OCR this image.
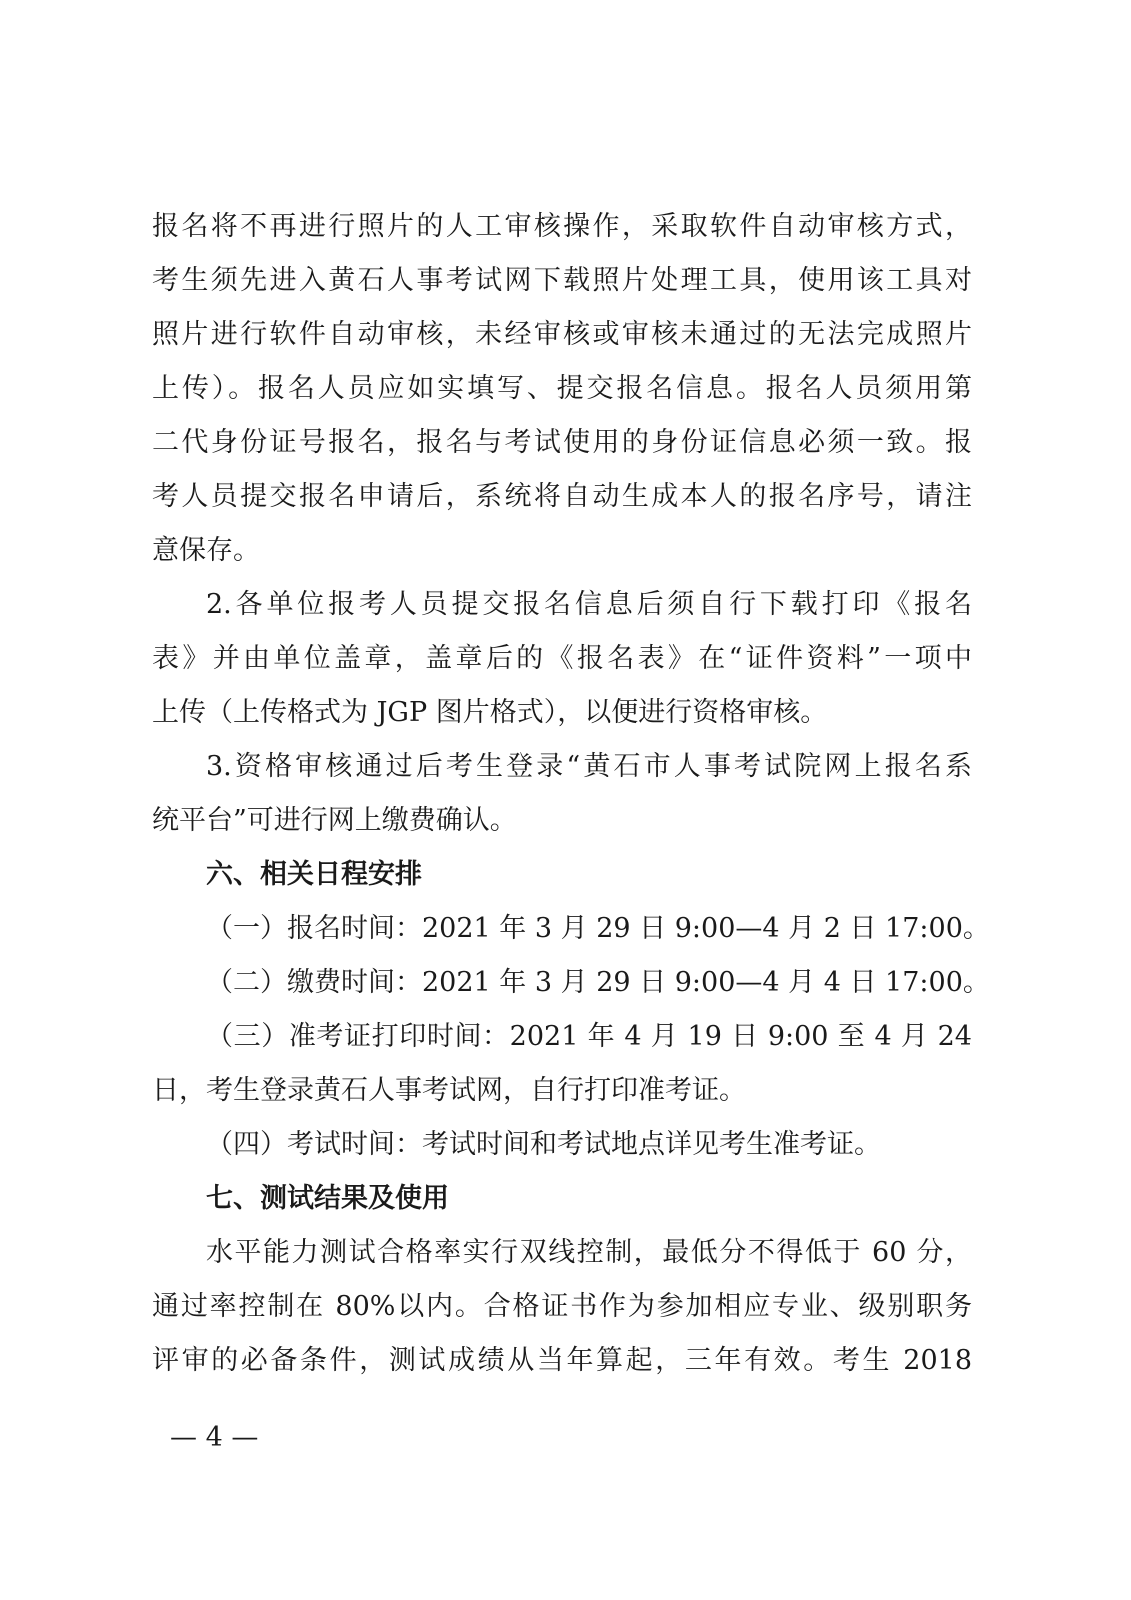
报名将不再进行照片的人工审核操作，采取软件自动审核方式，
考生须先进入黄石人事考试网下载照片处理工具，使用该工具对
照片进行软件自动审核，未经审核或审核未通过的无法完成照片
上传）。报名人员应如实填写、提交报名信息。报名人员须用第
二代身份证号报名，报名与考试使用的身份证信息必须一致。报
考人员提交报名申请后，系统将自动生成本人的报名序号，请注
意保存。
2.各单位报考人员提交报名信息后须自行下载打印《报名
表》并由单位盖章，盖章后的《报名表》在“证件资料”一项中
上传（上传格式为 JGP 图片格式），以便进行资格审核。
3.资格审核通过后考生登录“黄石市人事考试院网上报名系
统平台”可进行网上缴费确认。
六、相关日程安排
（一）报名时间：2021 年 3 月 29 日 9:00—4 月 2 日 17:00。
（二）缴费时间：2021 年 3 月 29 日 9:00—4 月 4 日 17:00。
（三）准考证打印时间：2021 年 4 月 19 日 9:00 至 4 月 24
日，考生登录黄石人事考试网，自行打印准考证。
（四）考试时间：考试时间和考试地点详见考生准考证。
七、测试结果及使用
水平能力测试合格率实行双线控制，最低分不得低于 60 分，
通过率控制在 80%以内。合格证书作为参加相应专业、级别职务
评审的必备条件，测试成绩从当年算起，三年有效。考生 2018
— 4 —
